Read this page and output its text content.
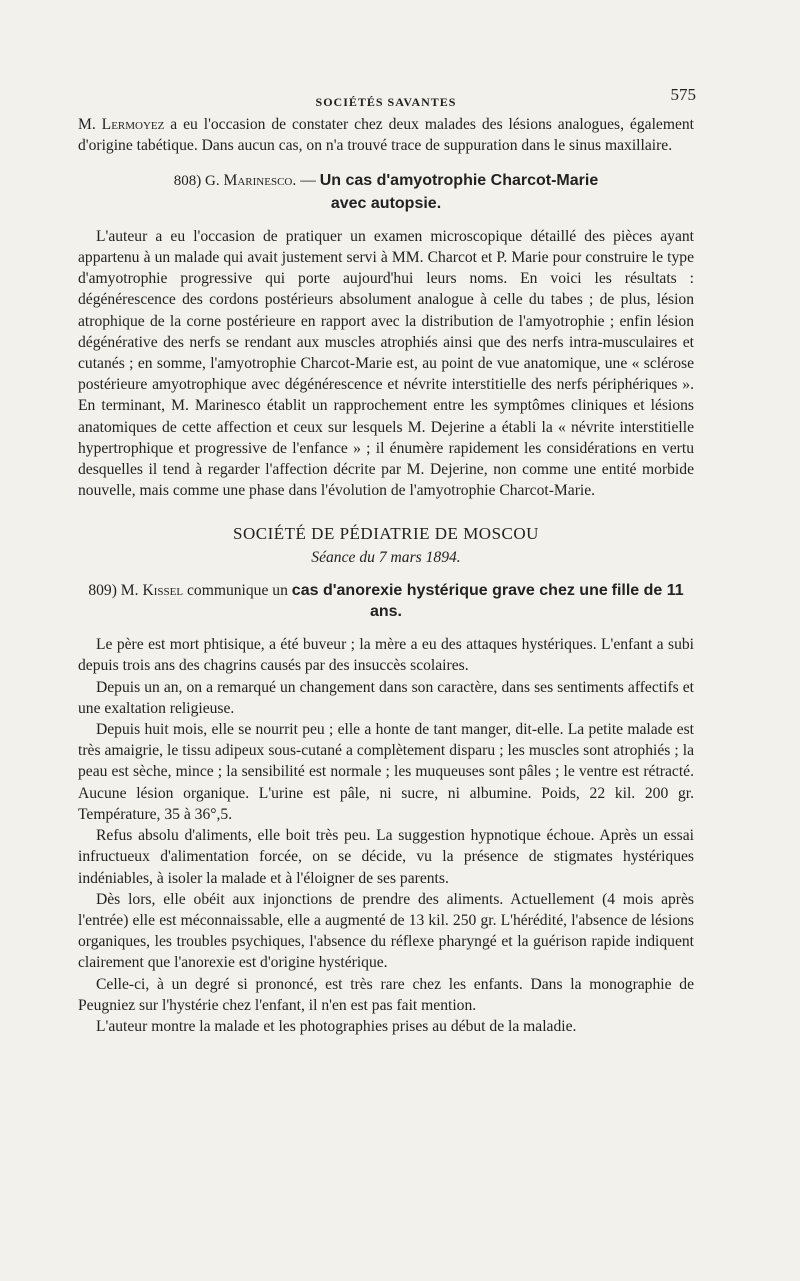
SOCIÉTÉS SAVANTES	575

M. Lermoyez a eu l'occasion de constater chez deux malades des lésions analogues, également d'origine tabétique. Dans aucun cas, on n'a trouvé trace de suppuration dans le sinus maxillaire.

808) G. Marinesco. — Un cas d'amyotrophie Charcot-Marie
avec autopsie.

L'auteur a eu l'occasion de pratiquer un examen microscopique détaillé des pièces ayant appartenu à un malade qui avait justement servi à MM. Charcot et P. Marie pour construire le type d'amyotrophie progressive qui porte aujourd'hui leurs noms. En voici les résultats : dégénérescence des cordons postérieurs absolument analogue à celle du tabes ; de plus, lésion atrophique de la corne postérieure en rapport avec la distribution de l'amyotrophie ; enfin lésion dégénérative des nerfs se rendant aux muscles atrophiés ainsi que des nerfs intra-musculaires et cutanés ; en somme, l'amyotrophie Charcot-Marie est, au point de vue anatomique, une « sclérose postérieure amyotrophique avec dégénérescence et névrite interstitielle des nerfs périphériques ». En terminant, M. Marinesco établit un rapprochement entre les symptômes cliniques et lésions anatomiques de cette affection et ceux sur lesquels M. Dejerine a établi la « névrite interstitielle hypertrophique et progressive de l'enfance » ; il énumère rapidement les considérations en vertu desquelles il tend à regarder l'affection décrite par M. Dejerine, non comme une entité morbide nouvelle, mais comme une phase dans l'évolution de l'amyotrophie Charcot-Marie.

SOCIÉTÉ DE PÉDIATRIE DE MOSCOU
Séance du 7 mars 1894.
809) M. Kissel communique un cas d'anorexie hystérique grave chez une fille de 11 ans.

Le père est mort phtisique, a été buveur ; la mère a eu des attaques hystériques. L'enfant a subi depuis trois ans des chagrins causés par des insuccès scolaires.

Depuis un an, on a remarqué un changement dans son caractère, dans ses sentiments affectifs et une exaltation religieuse.

Depuis huit mois, elle se nourrit peu ; elle a honte de tant manger, dit-elle. La petite malade est très amaigrie, le tissu adipeux sous-cutané a complètement disparu ; les muscles sont atrophiés ; la peau est sèche, mince ; la sensibilité est normale ; les muqueuses sont pâles ; le ventre est rétracté. Aucune lésion organique. L'urine est pâle, ni sucre, ni albumine. Poids, 22 kil. 200 gr. Température, 35 à 36°,5.

Refus absolu d'aliments, elle boit très peu. La suggestion hypnotique échoue. Après un essai infructueux d'alimentation forcée, on se décide, vu la présence de stigmates hystériques indéniables, à isoler la malade et à l'éloigner de ses parents.

Dès lors, elle obéit aux injonctions de prendre des aliments. Actuellement (4 mois après l'entrée) elle est méconnaissable, elle a augmenté de 13 kil. 250 gr. L'hérédité, l'absence de lésions organiques, les troubles psychiques, l'absence du réflexe pharyngé et la guérison rapide indiquent clairement que l'anorexie est d'origine hystérique.

Celle-ci, à un degré si prononcé, est très rare chez les enfants. Dans la monographie de Peugniez sur l'hystérie chez l'enfant, il n'en est pas fait mention.

L'auteur montre la malade et les photographies prises au début de la maladie.
